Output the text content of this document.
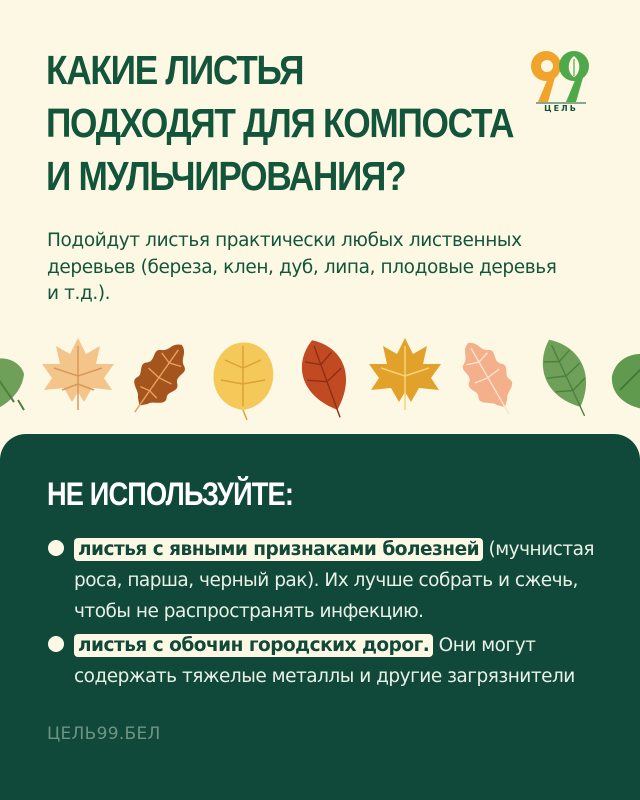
КАКИЕ ЛИСТЬЯ
ПОДХОДЯТ ДЛЯ КОМПОСТА
И МУЛЬЧИРОВАНИЯ?
ЦЕЛЬ

Подойдут листья практически любых лиственных деревьев (береза, клен, дуб, липа, плодовые деревья и т.д.).

НЕ ИСПОЛЬЗУЙТЕ:

листья с явными признаками болезней (мучнистая роса, парша, черный рак). Их лучше собрать и сжечь, чтобы не распространять инфекцию.

листья с обочин городских дорог. Они могут содержать тяжелые металлы и другие загрязнители

ЦЕЛЬ99.БЕЛ
